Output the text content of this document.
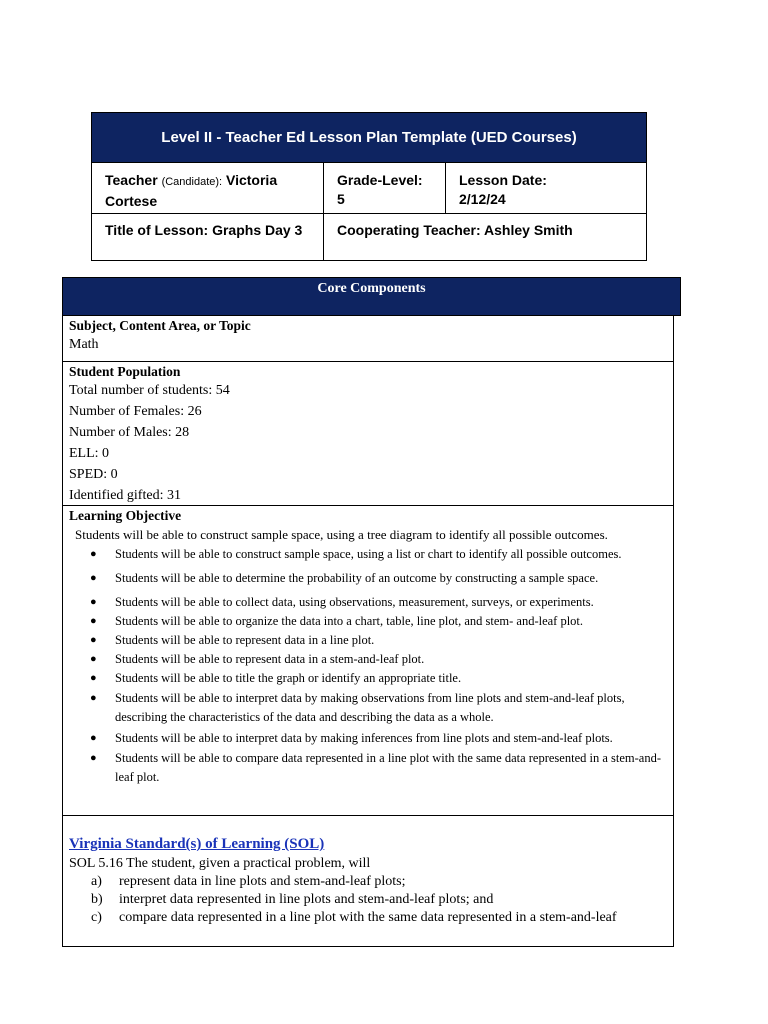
Level II - Teacher Ed Lesson Plan Template (UED Courses)		
Teacher (Candidate): Victoria Cortese	Grade-Level: 5	Lesson Date:
2/12/24

Title of Lesson: Graphs Day 3	Cooperating Teacher: Ashley Smith	
Core Components
Subject, Content Area, or Topic
Math
Student Population
Total number of students: 54
Number of Females: 26
Number of Males: 28
ELL: 0
SPED: 0
Identified gifted: 31
Learning Objective
Students will be able to construct sample space, using a tree diagram to identify all possible outcomes.
● Students will be able to construct sample space, using a list or chart to identify all possible outcomes.
● Students will be able to determine the probability of an outcome by constructing a sample space.
● Students will be able to collect data, using observations, measurement, surveys, or experiments.
● Students will be able to organize the data into a chart, table, line plot, and stem- and-leaf plot.
● Students will be able to represent data in a line plot.
● Students will be able to represent data in a stem-and-leaf plot.
● Students will be able to title the graph or identify an appropriate title.
● Students will be able to interpret data by making observations from line plots and stem-and-leaf plots, describing the characteristics of the data and describing the data as a whole.
● Students will be able to interpret data by making inferences from line plots and stem-and-leaf plots.
● Students will be able to compare data represented in a line plot with the same data represented in a stem-and-leaf plot.
Virginia Standard(s) of Learning (SOL)
SOL 5.16 The student, given a practical problem, will
a) represent data in line plots and stem-and-leaf plots;
b) interpret data represented in line plots and stem-and-leaf plots; and
c) compare data represented in a line plot with the same data represented in a stem-and-leaf
